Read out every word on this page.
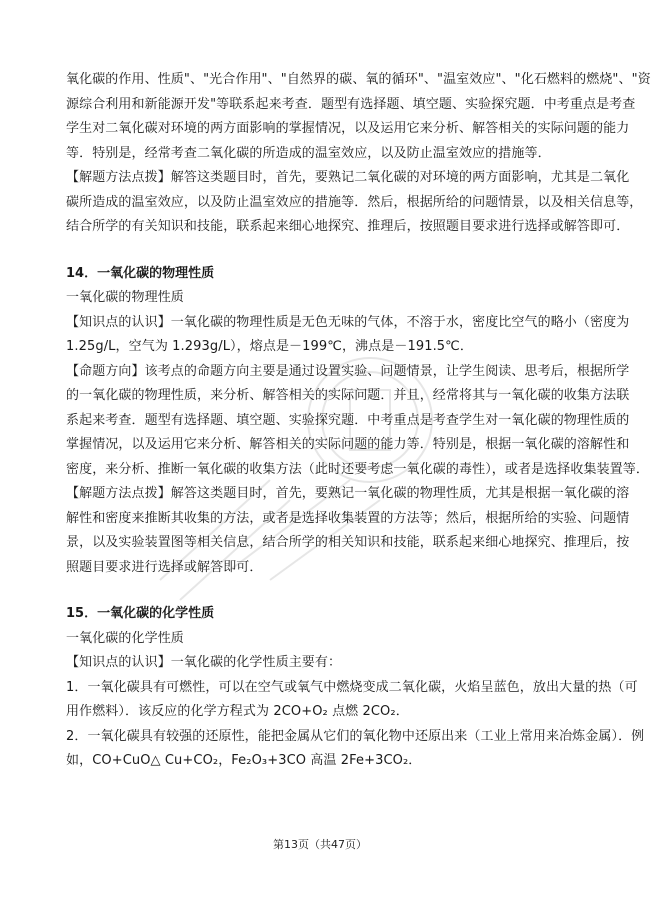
氧化碳的作用、性质"、"光合作用"、"自然界的碳、氧的循环"、"温室效应"、"化石燃料的燃烧"、"资
源综合利用和新能源开发"等联系起来考查．题型有选择题、填空题、实验探究题．中考重点是考查
学生对二氧化碳对环境的两方面影响的掌握情况，以及运用它来分析、解答相关的实际问题的能力
等．特别是，经常考查二氧化碳的所造成的温室效应，以及防止温室效应的措施等．
【解题方法点拨】解答这类题目时，首先，要熟记二氧化碳的对环境的两方面影响，尤其是二氧化
碳所造成的温室效应，以及防止温室效应的措施等．然后，根据所给的问题情景，以及相关信息等，
结合所学的有关知识和技能，联系起来细心地探究、推理后，按照题目要求进行选择或解答即可．
14．一氧化碳的物理性质
一氧化碳的物理性质
【知识点的认识】一氧化碳的物理性质是无色无味的气体，不溶于水，密度比空气的略小（密度为
1.25g/L，空气为 1.293g/L），熔点是－199℃，沸点是－191.5℃．
【命题方向】该考点的命题方向主要是通过设置实验、问题情景，让学生阅读、思考后，根据所学
的一氧化碳的物理性质，来分析、解答相关的实际问题．并且，经常将其与一氧化碳的收集方法联
系起来考查．题型有选择题、填空题、实验探究题．中考重点是考查学生对一氧化碳的物理性质的
掌握情况，以及运用它来分析、解答相关的实际问题的能力等．特别是，根据一氧化碳的溶解性和
密度，来分析、推断一氧化碳的收集方法（此时还要考虑一氧化碳的毒性），或者是选择收集装置等．
【解题方法点拨】解答这类题目时，首先，要熟记一氧化碳的物理性质，尤其是根据一氧化碳的溶
解性和密度来推断其收集的方法，或者是选择收集装置的方法等；然后，根据所给的实验、问题情
景，以及实验装置图等相关信息，结合所学的相关知识和技能，联系起来细心地探究、推理后，按
照题目要求进行选择或解答即可．
15．一氧化碳的化学性质
一氧化碳的化学性质
【知识点的认识】一氧化碳的化学性质主要有：
1．一氧化碳具有可燃性，可以在空气或氧气中燃烧变成二氧化碳，火焰呈蓝色，放出大量的热（可
用作燃料）．该反应的化学方程式为 2CO+O₂ 点燃 2CO₂．
2．一氧化碳具有较强的还原性，能把金属从它们的氧化物中还原出来（工业上常用来冶炼金属）．例
如，CO+CuO△ Cu+CO₂，Fe₂O₃+3CO 高温 2Fe+3CO₂．
第13页（共47页）
